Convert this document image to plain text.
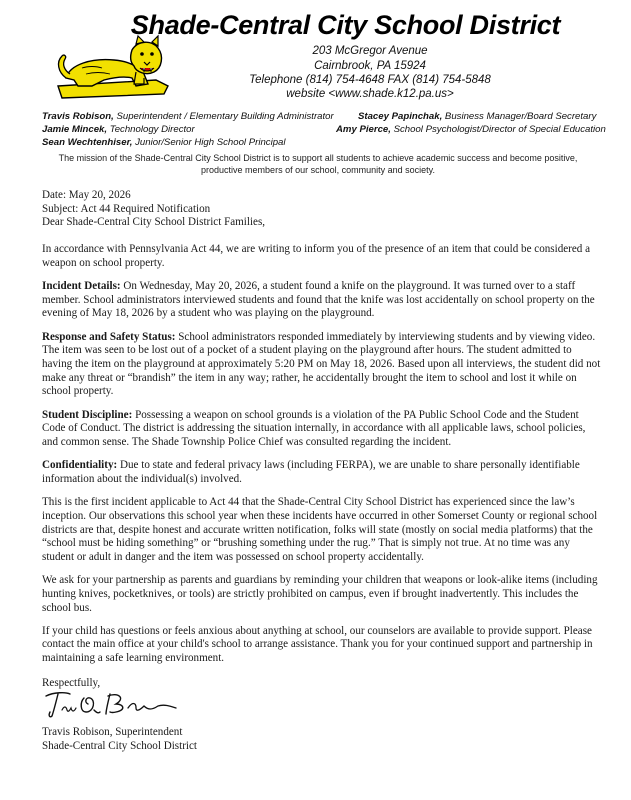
Shade-Central City School District
203 McGregor Avenue
Cairnbrook, PA 15924
Telephone (814) 754-4648 FAX (814) 754-5848
website <www.shade.k12.pa.us>
Travis Robison, Superintendent / Elementary Building Administrator	Stacey Papinchak, Business Manager/Board Secretary
Jamie Mincek, Technology Director	Amy Pierce, School Psychologist/Director of Special Education
Sean Wechtenhiser, Junior/Senior High School Principal
The mission of the Shade-Central City School District is to support all students to achieve academic success and become positive, productive members of our school, community and society.
Date: May 20, 2026
Subject: Act 44 Required Notification

Dear Shade-Central City School District Families,

In accordance with Pennsylvania Act 44, we are writing to inform you of the presence of an item that could be considered a weapon on school property.

Incident Details: On Wednesday, May 20, 2026, a student found a knife on the playground. It was turned over to a staff member. School administrators interviewed students and found that the knife was lost accidentally on school property on the evening of May 18, 2026 by a student who was playing on the playground.

Response and Safety Status: School administrators responded immediately by interviewing students and by viewing video. The item was seen to be lost out of a pocket of a student playing on the playground after hours. The student admitted to having the item on the playground at approximately 5:20 PM on May 18, 2026. Based upon all interviews, the student did not make any threat or “brandish” the item in any way; rather, he accidentally brought the item to school and lost it while on school property.

Student Discipline: Possessing a weapon on school grounds is a violation of the PA Public School Code and the Student Code of Conduct. The district is addressing the situation internally, in accordance with all applicable laws, school policies, and common sense. The Shade Township Police Chief was consulted regarding the incident.

Confidentiality: Due to state and federal privacy laws (including FERPA), we are unable to share personally identifiable information about the individual(s) involved.

This is the first incident applicable to Act 44 that the Shade-Central City School District has experienced since the law’s inception. Our observations this school year when these incidents have occurred in other Somerset County or regional school districts are that, despite honest and accurate written notification, folks will state (mostly on social media platforms) that the “school must be hiding something” or “brushing something under the rug.” That is simply not true. At no time was any student or adult in danger and the item was possessed on school property accidentally.

We ask for your partnership as parents and guardians by reminding your children that weapons or look-alike items (including hunting knives, pocketknives, or tools) are strictly prohibited on campus, even if brought inadvertently. This includes the school bus.

If your child has questions or feels anxious about anything at school, our counselors are available to provide support. Please contact the main office at your child's school to arrange assistance. Thank you for your continued support and partnership in maintaining a safe learning environment.

Respectfully,
Travis Robison, Superintendent
Shade-Central City School District
